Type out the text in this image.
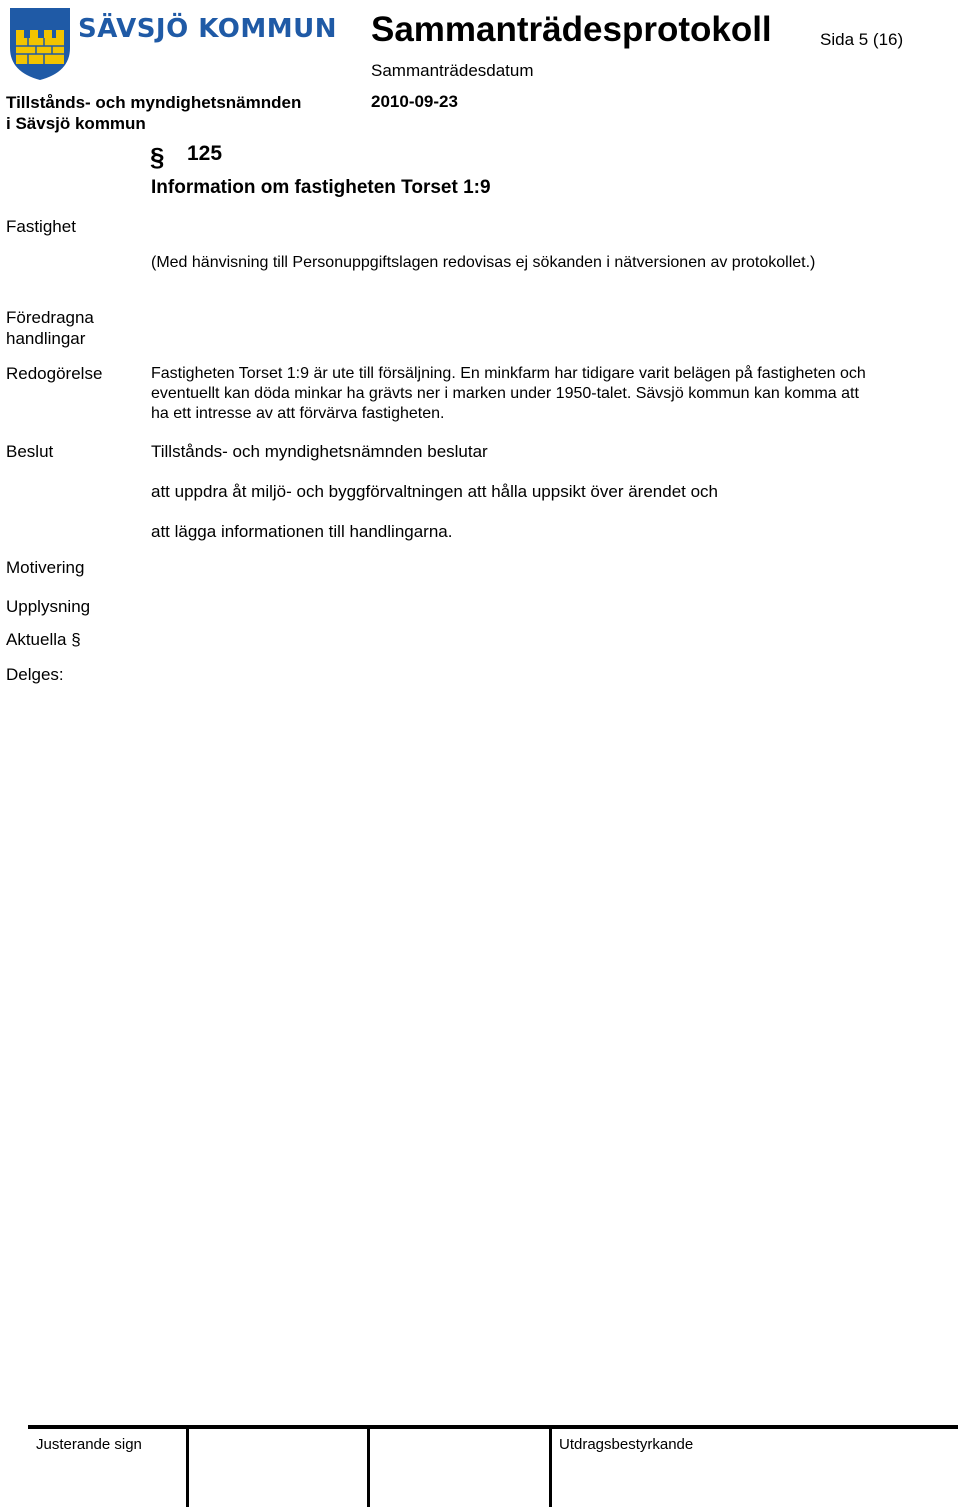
SÄVSJÖ KOMMUN Sammanträdesprotokoll	Sida 5 (16)
Sammanträdesdatum
2010-09-23
Tillstånds- och myndighetsnämnden
i Sävsjö kommun
§ 125
Information om fastigheten Torset 1:9
Fastighet
Föredragna
handlingar
Redogörelse
Beslut
Motivering
Upplysning
Aktuella §
Delges:
(Med hänvisning till Personuppgiftslagen redovisas ej sökanden i nätversionen av protokollet.)
Fastigheten Torset 1:9 är ute till försäljning. En minkfarm har tidigare varit belägen på fastigheten och
eventuellt kan döda minkar ha grävts ner i marken under 1950-talet. Sävsjö kommun kan komma att
ha ett intresse av att förvärva fastigheten.
Tillstånds- och myndighetsnämnden beslutar
att uppdra åt miljö- och byggförvaltningen att hålla uppsikt över ärendet och
att lägga informationen till handlingarna.
Justerande sign	Utdragsbestyrkande
